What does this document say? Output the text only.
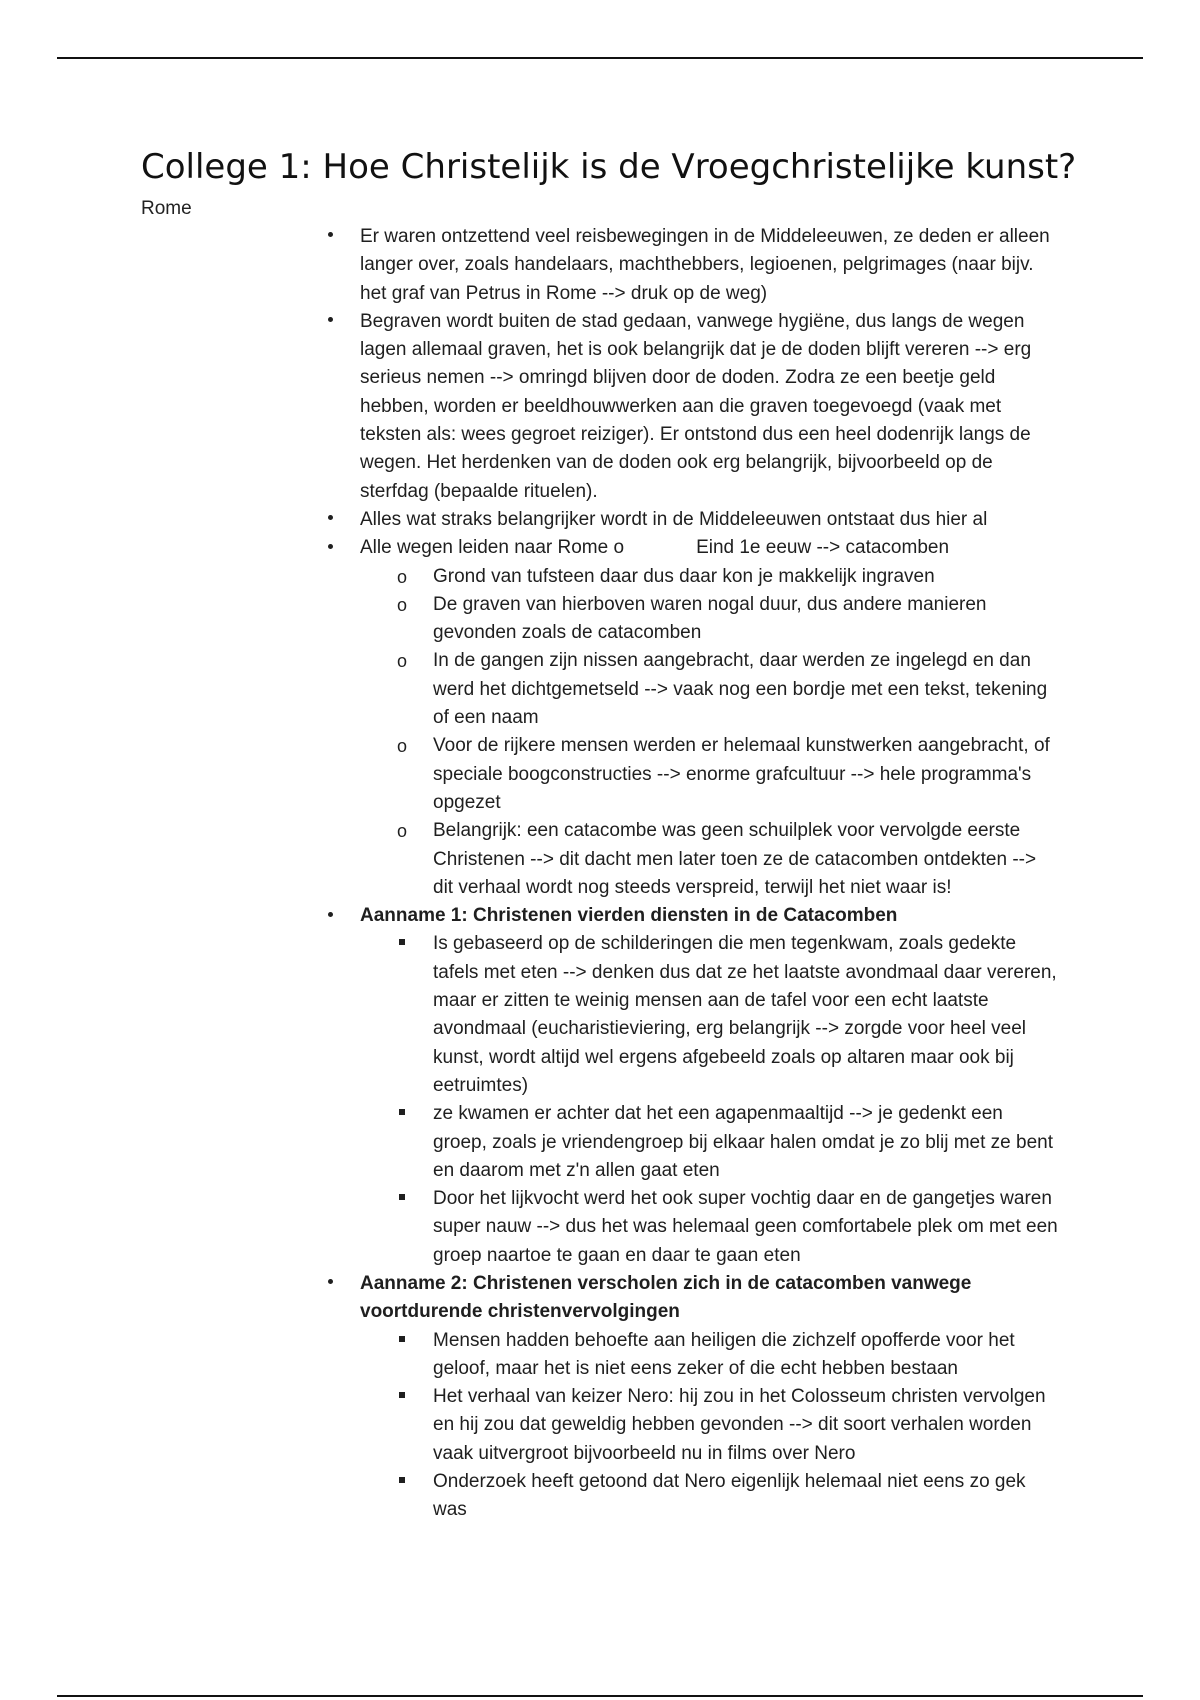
College 1: Hoe Christelijk is de Vroegchristelijke kunst?
Rome

Er waren ontzettend veel reisbewegingen in de Middeleeuwen, ze deden er alleen langer over, zoals handelaars, machthebbers, legioenen, pelgrimages (naar bijv. het graf van Petrus in Rome --> druk op de weg)

Begraven wordt buiten de stad gedaan, vanwege hygiëne, dus langs de wegen lagen allemaal graven, het is ook belangrijk dat je de doden blijft vereren --> erg serieus nemen --> omringd blijven door de doden. Zodra ze een beetje geld hebben, worden er beeldhouwwerken aan die graven toegevoegd (vaak met teksten als: wees gegroet reiziger). Er ontstond dus een heel dodenrijk langs de wegen. Het herdenken van de doden ook erg belangrijk, bijvoorbeeld op de sterfdag (bepaalde rituelen).

Alles wat straks belangrijker wordt in de Middeleeuwen ontstaat dus hier al

Alle wegen leiden naar Rome o	Eind 1e eeuw --> catacomben

o Grond van tufsteen daar dus daar kon je makkelijk ingraven

o De graven van hierboven waren nogal duur, dus andere manieren gevonden zoals de catacomben

o In de gangen zijn nissen aangebracht, daar werden ze ingelegd en dan werd het dichtgemetseld --> vaak nog een bordje met een tekst, tekening of een naam

o Voor de rijkere mensen werden er helemaal kunstwerken aangebracht, of speciale boogconstructies --> enorme grafcultuur --> hele programma's opgezet

o Belangrijk: een catacombe was geen schuilplek voor vervolgde eerste Christenen --> dit dacht men later toen ze de catacomben ontdekten --> dit verhaal wordt nog steeds verspreid, terwijl het niet waar is!

Aanname 1: Christenen vierden diensten in de Catacomben

Is gebaseerd op de schilderingen die men tegenkwam, zoals gedekte tafels met eten --> denken dus dat ze het laatste avondmaal daar vereren, maar er zitten te weinig mensen aan de tafel voor een echt laatste avondmaal (eucharistieviering, erg belangrijk --> zorgde voor heel veel kunst, wordt altijd wel ergens afgebeeld zoals op altaren maar ook bij eetruimtes)

ze kwamen er achter dat het een agapenmaaltijd --> je gedenkt een groep, zoals je vriendengroep bij elkaar halen omdat je zo blij met ze bent en daarom met z'n allen gaat eten

Door het lijkvocht werd het ook super vochtig daar en de gangetjes waren super nauw --> dus het was helemaal geen comfortabele plek om met een groep naartoe te gaan en daar te gaan eten

Aanname 2: Christenen verscholen zich in de catacomben vanwege voortdurende christenvervolgingen

Mensen hadden behoefte aan heiligen die zichzelf opofferde voor het geloof, maar het is niet eens zeker of die echt hebben bestaan

Het verhaal van keizer Nero: hij zou in het Colosseum christen vervolgen en hij zou dat geweldig hebben gevonden --> dit soort verhalen worden vaak uitvergroot bijvoorbeeld nu in films over Nero

Onderzoek heeft getoond dat Nero eigenlijk helemaal niet eens zo gek was
